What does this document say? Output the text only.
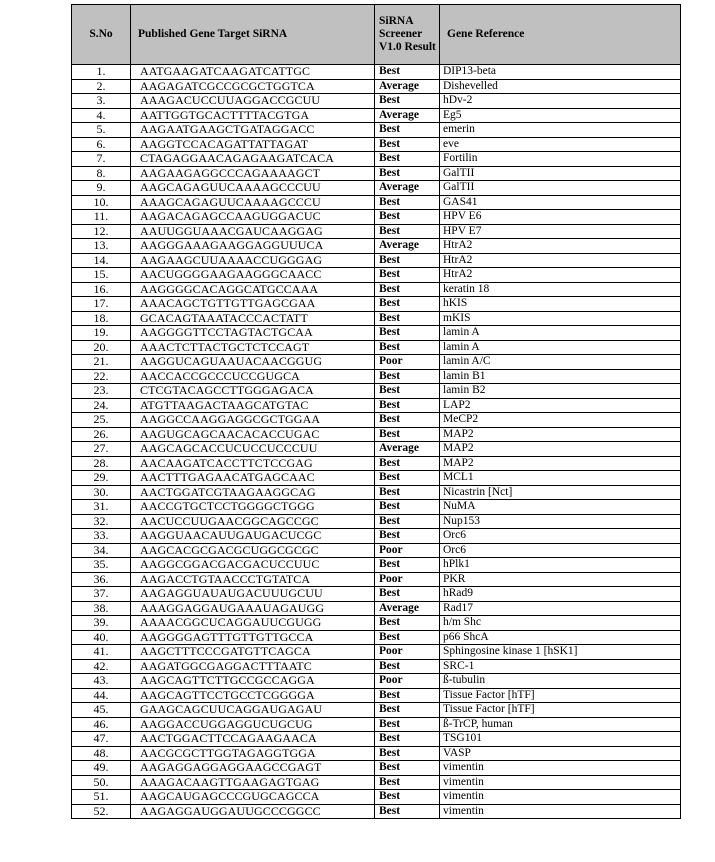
S.No	Published Gene Target SiRNA	SiRNA Screener V1.0 Result	Gene Reference
1.	AATGAAGATCAAGATCATTGC	Best	DIP13-beta
2.	AAGAGATCGCCGCGCTGGTCA	Average	Dishevelled
3.	AAAGACUCCUUAGGACCGCUU	Best	hDv-2
4.	AATTGGTGCACTTTTACGTGA	Average	Eg5
5.	AAGAATGAAGCTGATAGGACC	Best	emerin
6.	AAGGTCCACAGATTATTAGAT	Best	eve
7.	CTAGAGGAACAGAGAAGATCACA	Best	Fortilin
8.	AAGAAGAGGCCCAGAAAAGCT	Best	GalTII
9.	AAGCAGAGUUCAAAAGCCCUU	Average	GalTII
10.	AAAGCAGAGUUCAAAAGCCCU	Best	GAS41
11.	AAGACAGAGCCAAGUGGACUC	Best	HPV E6
12.	AAUUGGUAAACGAUCAAGGAG	Best	HPV E7
13.	AAGGGAAAGAAGGAGGUUUCA	Average	HtrA2
14.	AAGAAGCUUAAAACCUGGGAG	Best	HtrA2
15.	AACUGGGGAAGAAGGGCAACC	Best	HtrA2
16.	AAGGGGCACAGGCATGCCAAA	Best	keratin 18
17.	AAACAGCTGTTGTTGAGCGAA	Best	hKIS
18.	GCACAGTAAATACCCACTATT	Best	mKIS
19.	AAGGGGTTCCTAGTACTGCAA	Best	lamin A
20.	AAACTCTTACTGCTCTCCAGT	Best	lamin A
21.	AAGGUCAGUAAUACAACGGUG	Poor	lamin A/C
22.	AACCACCGCCCUCCGUGCA	Best	lamin B1
23.	CTCGTACAGCCTTGGGAGACA	Best	lamin B2
24.	ATGTTAAGACTAAGCATGTAC	Best	LAP2
25.	AAGGCCAAGGAGGCGCTGGAA	Best	MeCP2
26.	AAGUGCAGCAACACACCUGAC	Best	MAP2
27.	AAGCAGCACCUCUCCUCCCUU	Average	MAP2
28.	AACAAGATCACCTTCTCCGAG	Best	MAP2
29.	AACTTTGAGAACATGAGCAAC	Best	MCL1
30.	AACTGGATCGTAAGAAGGCAG	Best	Nicastrin [Nct]
31.	AACCGTGCTCCTGGGGCTGGG	Best	NuMA
32.	AACUCCUUGAACGGCAGCCGC	Best	Nup153
33.	AAGGUAACAUUGAUGACUCGC	Best	Orc6
34.	AAGCACGCGACGCUGGCGCGC	Poor	Orc6
35.	AAGGCGGACGACGACUCCUUC	Best	hPlk1
36.	AAGACCTGTAACCCTGTATCA	Poor	PKR
37.	AAGAGGUAUAUGACUUUGCUU	Best	hRad9
38.	AAAGGAGGAUGAAAUAGAUGG	Average	Rad17
39.	AAAACGGCUCAGGAUUCGUGG	Best	h/m Shc
40.	AAGGGGAGTTTGTTGTTGCCA	Best	p66 ShcA
41.	AAGCTTTCCCGATGTTCAGCA	Poor	Sphingosine kinase 1 [hSK1]
42.	AAGATGGCGAGGACTTTAATC	Best	SRC-1
43.	AAGCAGTTCTTGCCGCCAGGA	Poor	ß-tubulin
44.	AAGCAGTTCCTGCCTCGGGGA	Best	Tissue Factor [hTF]
45.	GAAGCAGCUUCAGGAUGAGAU	Best	Tissue Factor [hTF]
46.	AAGGACCUGGAGGUCUGCUG	Best	ß-TrCP, human
47.	AACTGGACTTCCAGAAGAACA	Best	TSG101
48.	AACGCGCTTGGTAGAGGTGGA	Best	VASP
49.	AAGAGGAGGAGGAAGCCGAGT	Best	vimentin
50.	AAAGACAAGTTGAAGAGTGAG	Best	vimentin
51.	AAGCAUGAGCCCGUGCAGCCA	Best	vimentin
52.	AAGAGGAUGGAUUGCCCGGCC	Best	vimentin
